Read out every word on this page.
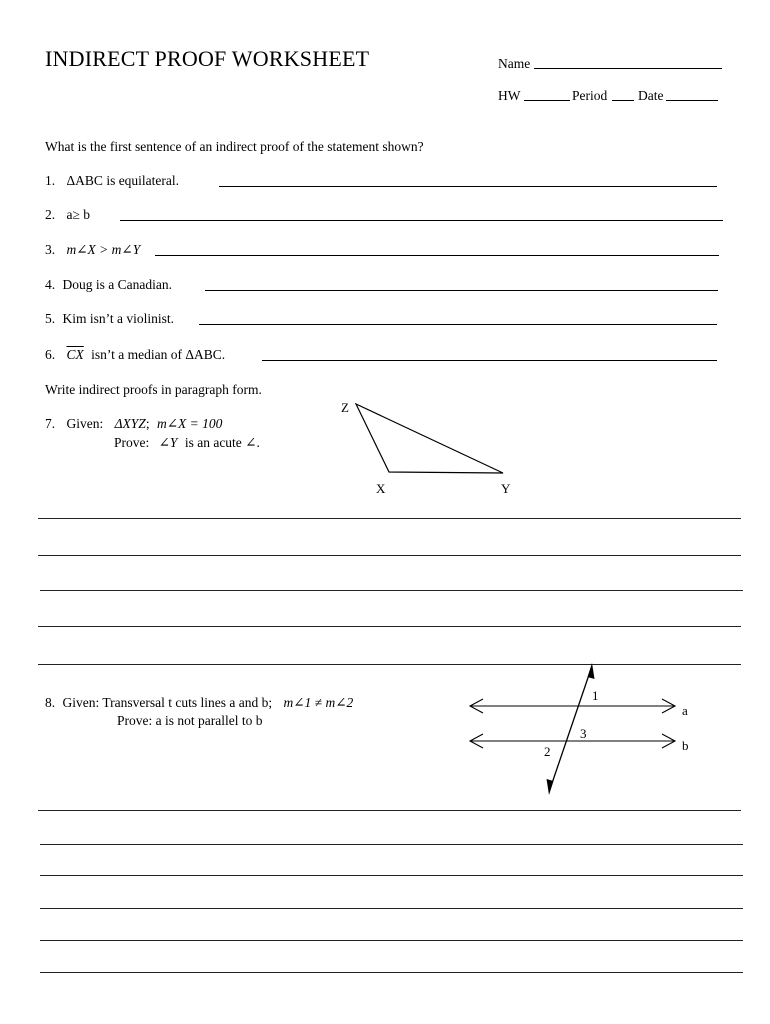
INDIRECT PROOF WORKSHEET	Name
HW	Period Date
What is the first sentence of an indirect proof of the statement shown?
1. ΔABC is equilateral.
2. a≥ b
3. m∠X > m∠Y
4. Doug is a Canadian.
5. Kim isn’t a violinist.
6. $\overline{CX}$ isn’t a median of ΔABC.
Write indirect proofs in paragraph form.
7. Given: ΔXYZ; m∠X = 100
Prove: ∠Y is an acute ∠.
Z
X	Y
8. Given: Transversal t cuts lines a and b; m∠1 ≠ m∠2
Prove: a is not parallel to b
1
3
2
a
b
